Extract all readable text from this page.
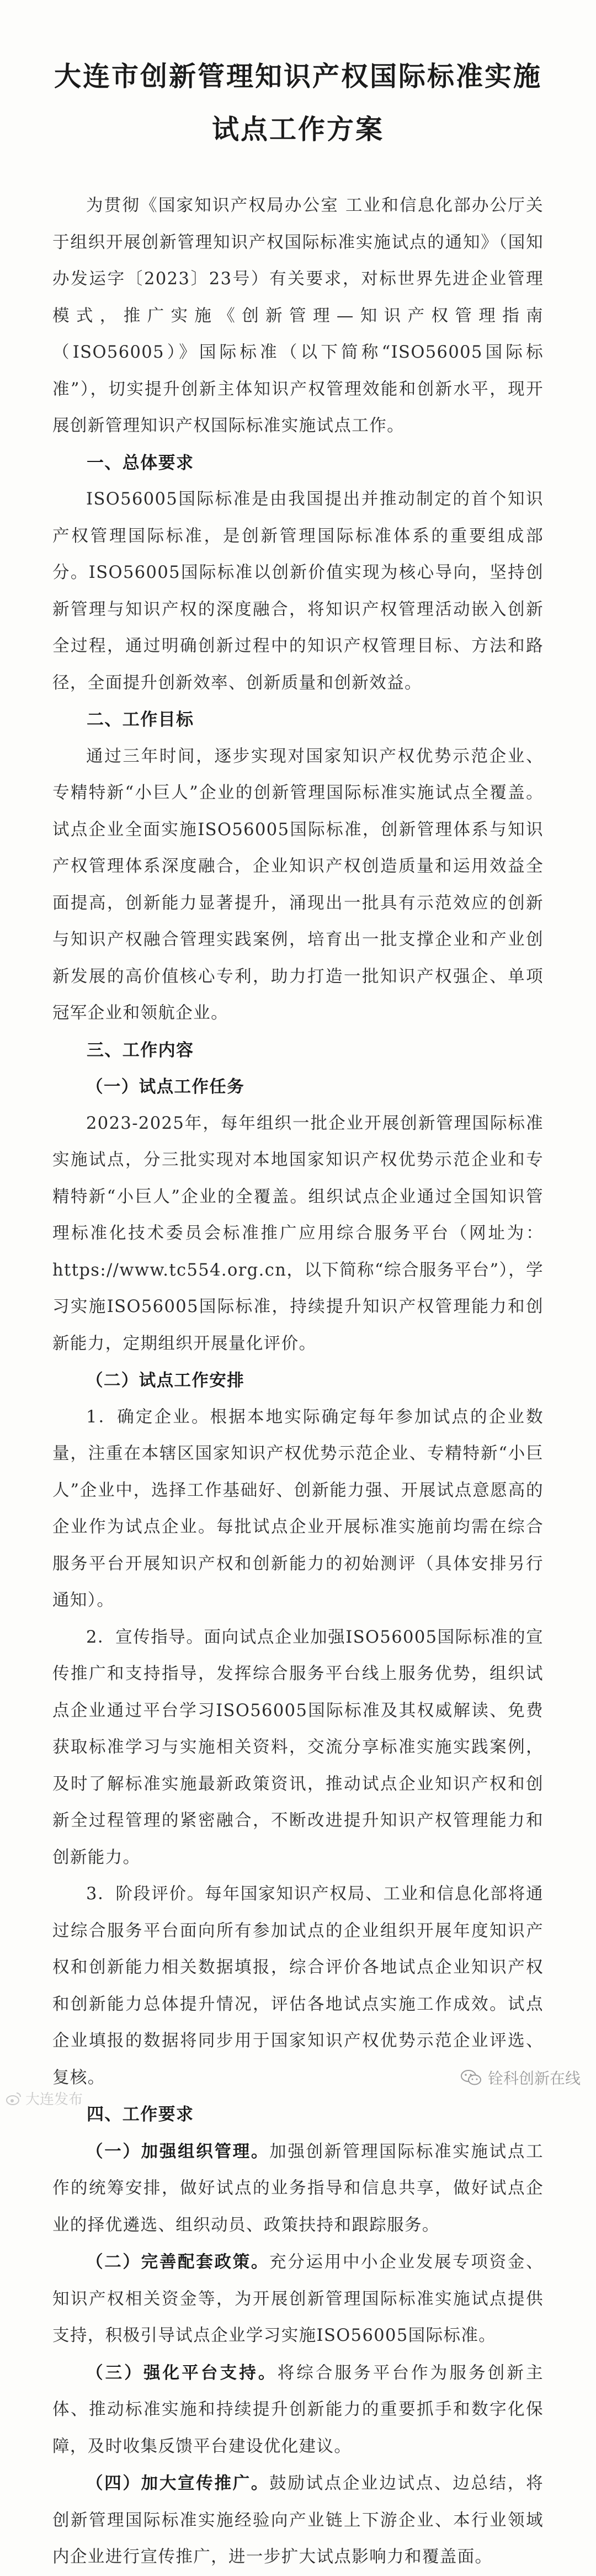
大连市创新管理知识产权国际标准实施
试点工作方案

为贯彻《国家知识产权局办公室 工业和信息化部办公厅关于组织开展创新管理知识产权国际标准实施试点的通知》（国知办发运字〔2023〕23号）有关要求，对标世界先进企业管理模式，推广实施《创新管理—知识产权管理指南（ISO56005）》国际标准（以下简称“ISO56005国际标准”），切实提升创新主体知识产权管理效能和创新水平，现开展创新管理知识产权国际标准实施试点工作。

一、总体要求

ISO56005国际标准是由我国提出并推动制定的首个知识产权管理国际标准，是创新管理国际标准体系的重要组成部分。ISO56005国际标准以创新价值实现为核心导向，坚持创新管理与知识产权的深度融合，将知识产权管理活动嵌入创新全过程，通过明确创新过程中的知识产权管理目标、方法和路径，全面提升创新效率、创新质量和创新效益。

二、工作目标

通过三年时间，逐步实现对国家知识产权优势示范企业、专精特新“小巨人”企业的创新管理国际标准实施试点全覆盖。试点企业全面实施ISO56005国际标准，创新管理体系与知识产权管理体系深度融合，企业知识产权创造质量和运用效益全面提高，创新能力显著提升，涌现出一批具有示范效应的创新与知识产权融合管理实践案例，培育出一批支撑企业和产业创新发展的高价值核心专利，助力打造一批知识产权强企、单项冠军企业和领航企业。

三、工作内容
（一）试点工作任务

2023-2025年，每年组织一批企业开展创新管理国际标准实施试点，分三批实现对本地国家知识产权优势示范企业和专精特新“小巨人”企业的全覆盖。组织试点企业通过全国知识管理标准化技术委员会标准推广应用综合服务平台（网址为：https://www.tc554.org.cn，以下简称“综合服务平台”），学习实施ISO56005国际标准，持续提升知识产权管理能力和创新能力，定期组织开展量化评价。

（二）试点工作安排

1．确定企业。根据本地实际确定每年参加试点的企业数量，注重在本辖区国家知识产权优势示范企业、专精特新“小巨人”企业中，选择工作基础好、创新能力强、开展试点意愿高的企业作为试点企业。每批试点企业开展标准实施前均需在综合服务平台开展知识产权和创新能力的初始测评（具体安排另行通知）。

2．宣传指导。面向试点企业加强ISO56005国际标准的宣传推广和支持指导，发挥综合服务平台线上服务优势，组织试点企业通过平台学习ISO56005国际标准及其权威解读、免费获取标准学习与实施相关资料，交流分享标准实施实践案例，及时了解标准实施最新政策资讯，推动试点企业知识产权和创新全过程管理的紧密融合，不断改进提升知识产权管理能力和创新能力。

3．阶段评价。每年国家知识产权局、工业和信息化部将通过综合服务平台面向所有参加试点的企业组织开展年度知识产权和创新能力相关数据填报，综合评价各地试点企业知识产权和创新能力总体提升情况，评估各地试点实施工作成效。试点企业填报的数据将同步用于国家知识产权优势示范企业评选、复核。

四、工作要求

（一）加强组织管理。加强创新管理国际标准实施试点工作的统筹安排，做好试点的业务指导和信息共享，做好试点企业的择优遴选、组织动员、政策扶持和跟踪服务。

（二）完善配套政策。充分运用中小企业发展专项资金、知识产权相关资金等，为开展创新管理国际标准实施试点提供支持，积极引导试点企业学习实施ISO56005国际标准。

（三）强化平台支持。将综合服务平台作为服务创新主体、推动标准实施和持续提升创新能力的重要抓手和数字化保障，及时收集反馈平台建设优化建议。

（四）加大宣传推广。鼓励试点企业边试点、边总结，将创新管理国际标准实施经验向产业链上下游企业、本行业领域内企业进行宣传推广，进一步扩大试点影响力和覆盖面。

大连发布
铨科创新在线
